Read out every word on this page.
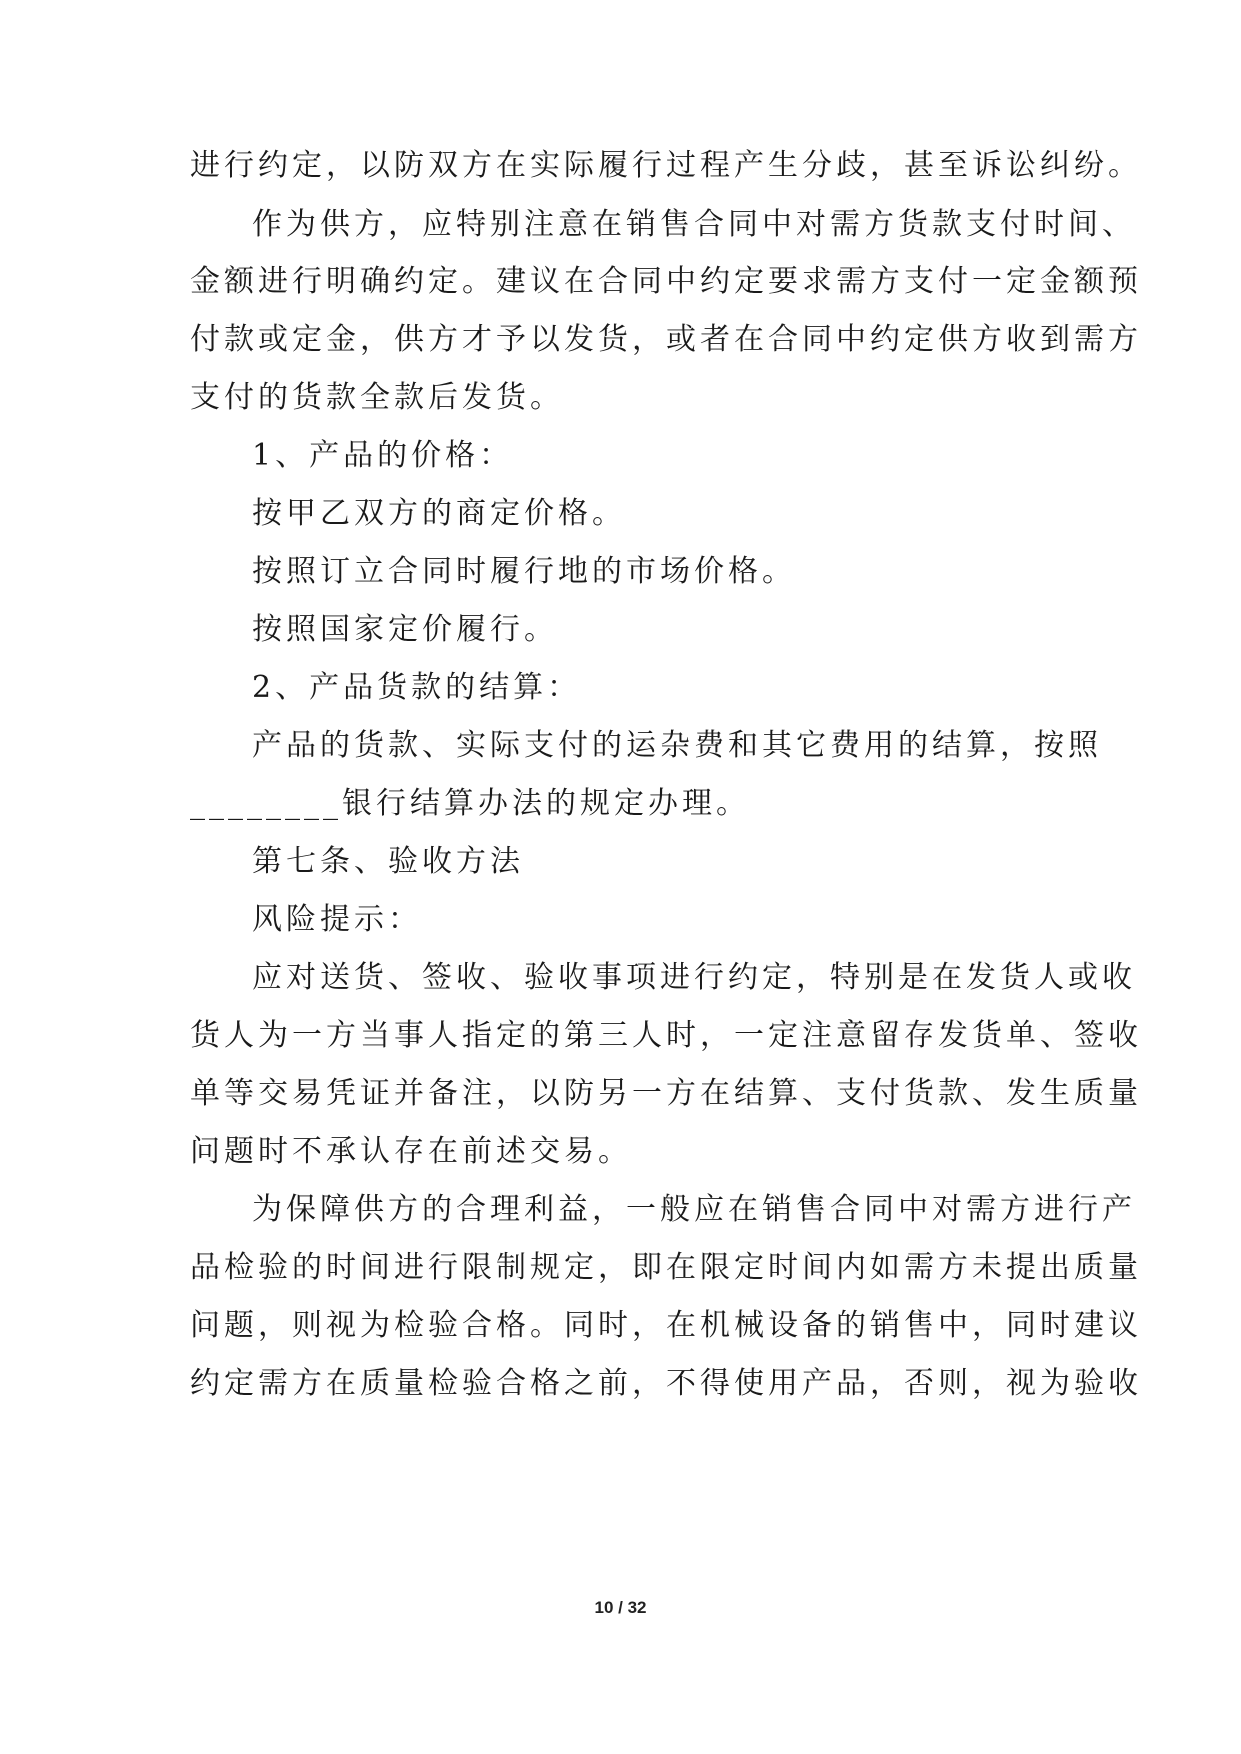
进行约定，以防双方在实际履行过程产生分歧，甚至诉讼纠纷。
作为供方，应特别注意在销售合同中对需方货款支付时间、
金额进行明确约定。建议在合同中约定要求需方支付一定金额预
付款或定金，供方才予以发货，或者在合同中约定供方收到需方
支付的货款全款后发货。
1、产品的价格：
按甲乙双方的商定价格。
按照订立合同时履行地的市场价格。
按照国家定价履行。
2、产品货款的结算：
产品的货款、实际支付的运杂费和其它费用的结算，按照
________银行结算办法的规定办理。
第七条、验收方法
风险提示：
应对送货、签收、验收事项进行约定，特别是在发货人或收
货人为一方当事人指定的第三人时，一定注意留存发货单、签收
单等交易凭证并备注，以防另一方在结算、支付货款、发生质量
问题时不承认存在前述交易。
为保障供方的合理利益，一般应在销售合同中对需方进行产
品检验的时间进行限制规定，即在限定时间内如需方未提出质量
问题，则视为检验合格。同时，在机械设备的销售中，同时建议
约定需方在质量检验合格之前，不得使用产品，否则，视为验收
10 / 32
